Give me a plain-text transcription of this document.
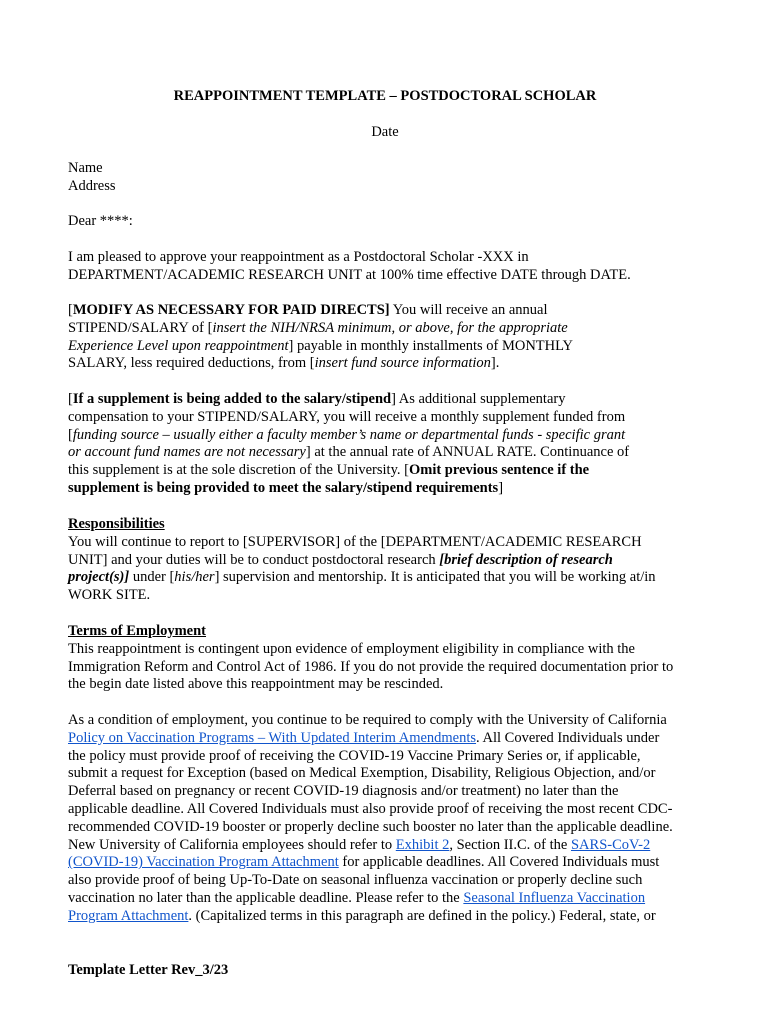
REAPPOINTMENT TEMPLATE – POSTDOCTORAL SCHOLAR
Date
Name
Address
Dear ****:
I am pleased to approve your reappointment as a Postdoctoral Scholar -XXX in
DEPARTMENT/ACADEMIC RESEARCH UNIT at 100% time effective DATE through DATE.
[MODIFY AS NECESSARY FOR PAID DIRECTS] You will receive an annual
STIPEND/SALARY of [insert the NIH/NRSA minimum, or above, for the appropriate
Experience Level upon reappointment] payable in monthly installments of MONTHLY
SALARY, less required deductions, from [insert fund source information].
[If a supplement is being added to the salary/stipend] As additional supplementary
compensation to your STIPEND/SALARY, you will receive a monthly supplement funded from
[funding source – usually either a faculty member’s name or departmental funds - specific grant
or account fund names are not necessary] at the annual rate of ANNUAL RATE. Continuance of
this supplement is at the sole discretion of the University. [Omit previous sentence if the
supplement is being provided to meet the salary/stipend requirements]
Responsibilities
You will continue to report to [SUPERVISOR] of the [DEPARTMENT/ACADEMIC RESEARCH
UNIT] and your duties will be to conduct postdoctoral research [brief description of research
project(s)] under [his/her] supervision and mentorship. It is anticipated that you will be working at/in
WORK SITE.
Terms of Employment
This reappointment is contingent upon evidence of employment eligibility in compliance with the
Immigration Reform and Control Act of 1986. If you do not provide the required documentation prior to
the begin date listed above this reappointment may be rescinded.
As a condition of employment, you continue to be required to comply with the University of California
Policy on Vaccination Programs – With Updated Interim Amendments. All Covered Individuals under
the policy must provide proof of receiving the COVID-19 Vaccine Primary Series or, if applicable,
submit a request for Exception (based on Medical Exemption, Disability, Religious Objection, and/or
Deferral based on pregnancy or recent COVID-19 diagnosis and/or treatment) no later than the
applicable deadline. All Covered Individuals must also provide proof of receiving the most recent CDC-
recommended COVID-19 booster or properly decline such booster no later than the applicable deadline.
New University of California employees should refer to Exhibit 2, Section II.C. of the SARS-CoV-2
(COVID-19) Vaccination Program Attachment for applicable deadlines. All Covered Individuals must
also provide proof of being Up-To-Date on seasonal influenza vaccination or properly decline such
vaccination no later than the applicable deadline. Please refer to the Seasonal Influenza Vaccination
Program Attachment. (Capitalized terms in this paragraph are defined in the policy.) Federal, state, or
Template Letter Rev_3/23
